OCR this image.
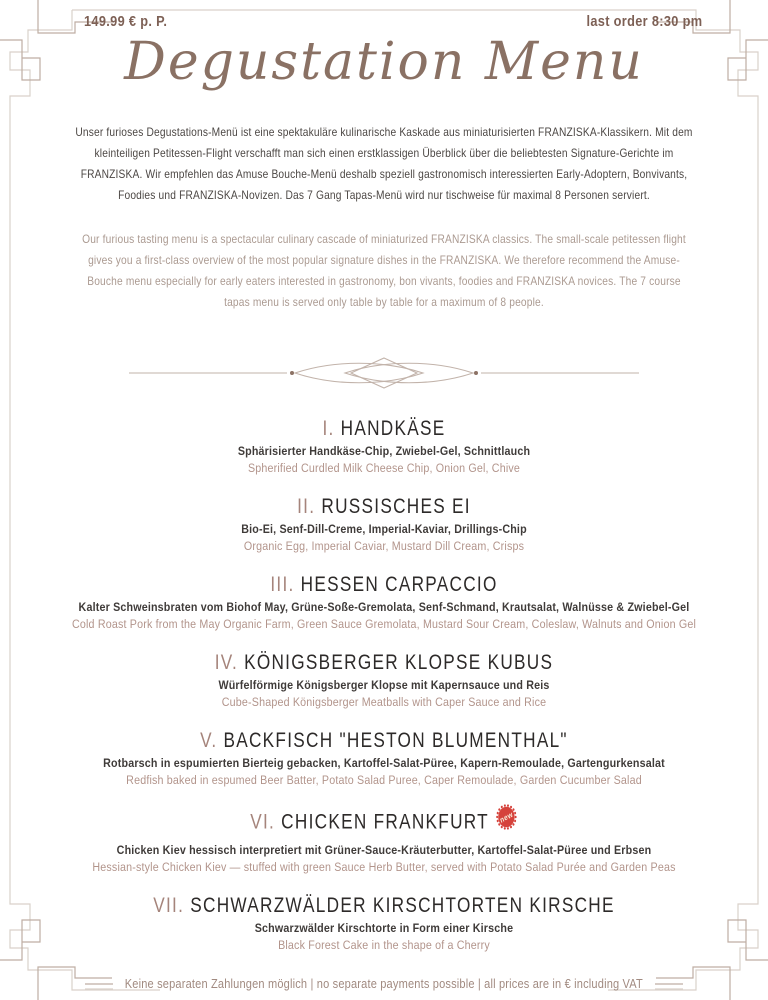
149.99 € p. P.	last order 8:30 pm
Degustation Menu

Unser furioses Degustations-Menü ist eine spektakuläre kulinarische Kaskade aus miniaturisierten FRANZISKA-Klassikern. Mit dem kleinteiligen Petitessen-Flight verschafft man sich einen erstklassigen Überblick über die beliebtesten Signature-Gerichte im FRANZISKA. Wir empfehlen das Amuse Bouche-Menü deshalb speziell gastronomisch interessierten Early-Adoptern, Bonvivants, Foodies und FRANZISKA-Novizen. Das 7 Gang Tapas-Menü wird nur tischweise für maximal 8 Personen serviert.

Our furious tasting menu is a spectacular culinary cascade of miniaturized FRANZISKA classics. The small-scale petitessen flight gives you a first-class overview of the most popular signature dishes in the FRANZISKA. We therefore recommend the Amuse-Bouche menu especially for early eaters interested in gastronomy, bon vivants, foodies and FRANZISKA novices. The 7 course tapas menu is served only table by table for a maximum of 8 people.

I. HANDKÄSE

Sphärisierter Handkäse-Chip, Zwiebel-Gel, Schnittlauch

Spherified Curdled Milk Cheese Chip, Onion Gel, Chive

II. RUSSISCHES EI

Bio-Ei, Senf-Dill-Creme, Imperial-Kaviar, Drillings-Chip

Organic Egg, Imperial Caviar, Mustard Dill Cream, Crisps

III. HESSEN CARPACCIO

Kalter Schweinsbraten vom Biohof May, Grüne-Soße-Gremolata, Senf-Schmand, Krautsalat, Walnüsse & Zwiebel-Gel

Cold Roast Pork from the May Organic Farm, Green Sauce Gremolata, Mustard Sour Cream, Coleslaw, Walnuts and Onion Gel

IV. KÖNIGSBERGER KLOPSE KUBUS

Würfelförmige Königsberger Klopse mit Kapernsauce und Reis

Cube-Shaped Königsberger Meatballs with Caper Sauce and Rice

V. BACKFISCH "HESTON BLUMENTHAL"

Rotbarsch in espumierten Bierteig gebacken, Kartoffel-Salat-Püree, Kapern-Remoulade, Gartengurkensalat

Redfish baked in espumed Beer Batter, Potato Salad Puree, Caper Remoulade, Garden Cucumber Salad

VI. CHICKEN FRANKFURT new

Chicken Kiev hessisch interpretiert mit Grüner-Sauce-Kräuterbutter, Kartoffel-Salat-Püree und Erbsen

Hessian-style Chicken Kiev — stuffed with green Sauce Herb Butter, served with Potato Salad Purée and Garden Peas

VII. SCHWARZWÄLDER KIRSCHTORTEN KIRSCHE

Schwarzwälder Kirschtorte in Form einer Kirsche

Black Forest Cake in the shape of a Cherry

Keine separaten Zahlungen möglich | no separate payments possible | all prices are in € including VAT
